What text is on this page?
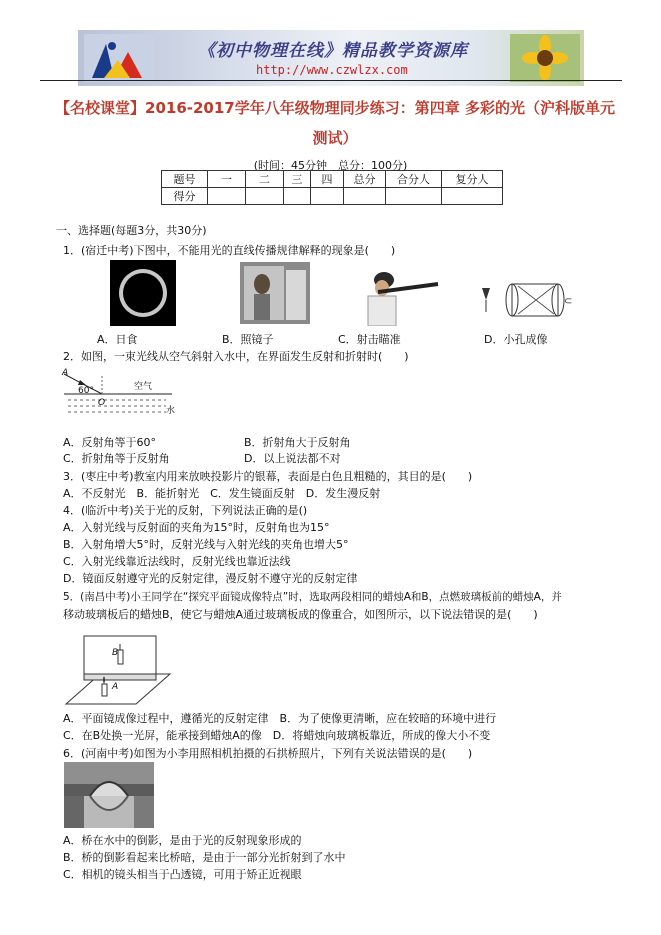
《初中物理在线》精品教学资源库
http://www.czwlzx.com
【名校课堂】2016-2017学年八年级物理同步练习：第四章 多彩的光（沪科版单元测试）
(时间：45分钟　总分：100分)
题号	一	二	三	四	总分	合分人	复分人
得分							
一、选择题(每题3分，共30分)
1．(宿迁中考)下图中，不能用光的直线传播规律解释的现象是(　　)
⊂
A．日食	B．照镜子	C．射击瞄准	D．小孔成像
2．如图，一束光线从空气斜射入水中，在界面发生反射和折射时(　　)
A
60°	空气
O
水
A．反射角等于60°	B．折射角大于反射角
C．折射角等于反射角	D．以上说法都不对
3．(枣庄中考)教室内用来放映投影片的银幕，表面是白色且粗糙的，其目的是(　　)
A．不反射光　B．能折射光　C．发生镜面反射　D．发生漫反射
4．(临沂中考)关于光的反射，下列说法正确的是()
A．入射光线与反射面的夹角为15°时，反射角也为15°
B．入射角增大5°时，反射光线与入射光线的夹角也增大5°
C．入射光线靠近法线时，反射光线也靠近法线
D．镜面反射遵守光的反射定律，漫反射不遵守光的反射定律
5．(南昌中考)小王同学在“探究平面镜成像特点”时，选取两段相同的蜡烛A和B，点燃玻璃板前的蜡烛A，并
移动玻璃板后的蜡烛B，使它与蜡烛A通过玻璃板成的像重合，如图所示，以下说法错误的是(　　)
B
A
A．平面镜成像过程中，遵循光的反射定律　B．为了使像更清晰，应在较暗的环境中进行
C．在B处换一光屏，能承接到蜡烛A的像　D．将蜡烛向玻璃板靠近，所成的像大小不变
6．(河南中考)如图为小李用照相机拍摄的石拱桥照片，下列有关说法错误的是(　　)
A．桥在水中的倒影，是由于光的反射现象形成的
B．桥的倒影看起来比桥暗，是由于一部分光折射到了水中
C．相机的镜头相当于凸透镜，可用于矫正近视眼
